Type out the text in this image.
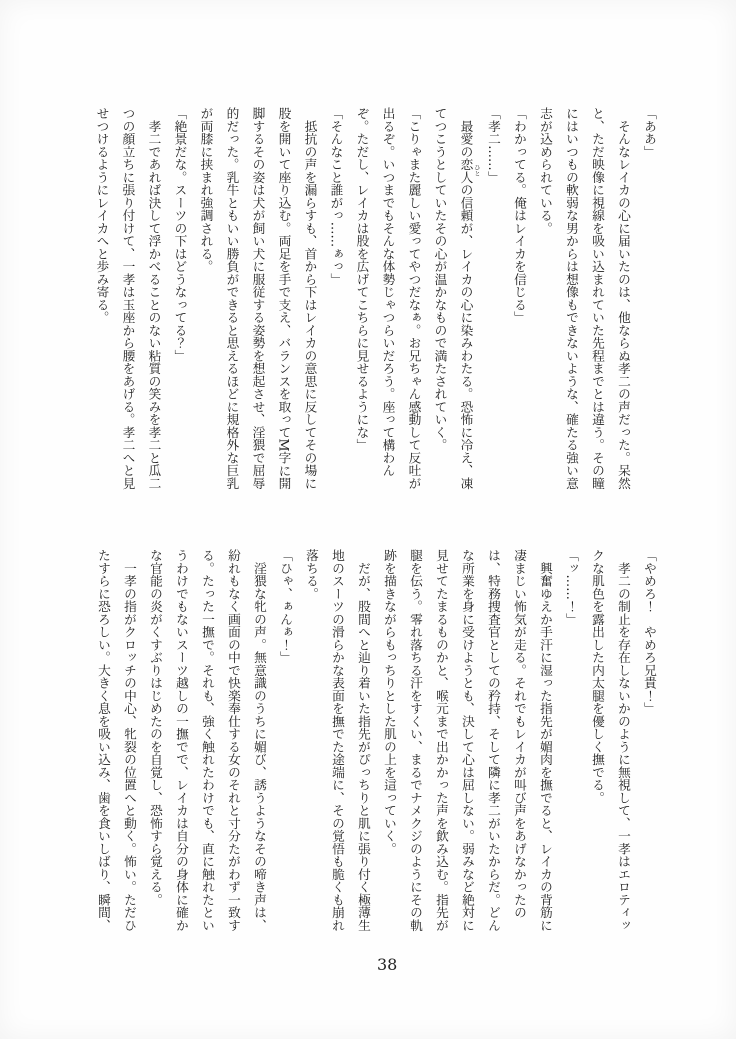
「ああ」
　そんなレイカの心に届いたのは、他ならぬ孝二の声だった。呆然
と、ただ映像に視線を吸い込まれていた先程までとは違う。その瞳
にはいつもの軟弱な男からは想像もできないような、確たる強い意
志が込められている。
「わかってる。俺はレイカを信じる」
「孝二……」
　最愛の恋人 ひとの信頼が、レイカの心に染みわたる。恐怖に冷え、凍
てつこうとしていたその心が温かなもので満たされていく。
「こりゃまた麗しい愛ってやつだなぁ。お兄ちゃん感動して反吐が
出るぞ。いつまでもそんな体勢じゃつらいだろう。座って構わん
ぞ。ただし、レイカは股を広げてこちらに見せるようにな」
「そんなこと誰がっ……ぁっ」
　抵抗の声を漏らすも、首から下はレイカの意思に反してその場に
股を開いて座り込む。両足を手で支え、バランスを取ってM字に開
脚するその姿は犬が飼い犬に服従する姿勢を想起させ、淫猥で屈辱
的だった。乳牛ともいい勝負ができると思えるほどに規格外な巨乳
が両膝に挟まれ強調される。
「絶景だな。スーツの下はどうなってる？」
　孝二であれば決して浮かべることのない粘質の笑みを孝二と瓜二
つの顔立ちに張り付けて、一孝は玉座から腰をあげる。孝二へと見
せつけるようにレイカへと歩み寄る。
「やめろ！　やめろ兄貴！」
　孝二の制止を存在しないかのように無視して、一孝はエロティッ
クな肌色を露出した内太腿を優しく撫でる。
「ッ……！」
　興奮ゆえか手汗に湿った指先が媚肉を撫でると、レイカの背筋に
凄まじい怖気が走る。それでもレイカが叫び声をあげなかったの
は、特務捜査官としての矜持、そして隣に孝二がいたからだ。どん
な所業を身に受けようとも、決して心は屈しない。弱みなど絶対に
見せてたまるものかと、喉元まで出かかった声を飲み込む。指先が
腿を伝う。零れ落ちる汗をすくい、まるでナメクジのようにその軌
跡を描きながらもっちりとした肌の上を這っていく。
　だが、股間へと辿り着いた指先がぴっちりと肌に張り付く極薄生
地のスーツの滑らかな表面を撫でた途端に、その覚悟も脆くも崩れ
落ちる。
「ひゃ、ぁんぁ！」
　淫猥な牝の声。無意識のうちに媚び、誘うようなその啼き声は、
紛れもなく画面の中で快楽奉仕する女のそれと寸分たがわず一致す
る。たった一撫で。それも、強く触れたわけでも、直に触れたとい
うわけでもないスーツ越しの一撫でで、レイカは自分の身体に確か
な官能の炎がくすぶりはじめたのを自覚し、恐怖すら覚える。
　一孝の指がクロッチの中心、牝裂の位置へと動く。怖い。ただひ
たすらに恐ろしい。大きく息を吸い込み、歯を食いしばり、瞬間、
38
